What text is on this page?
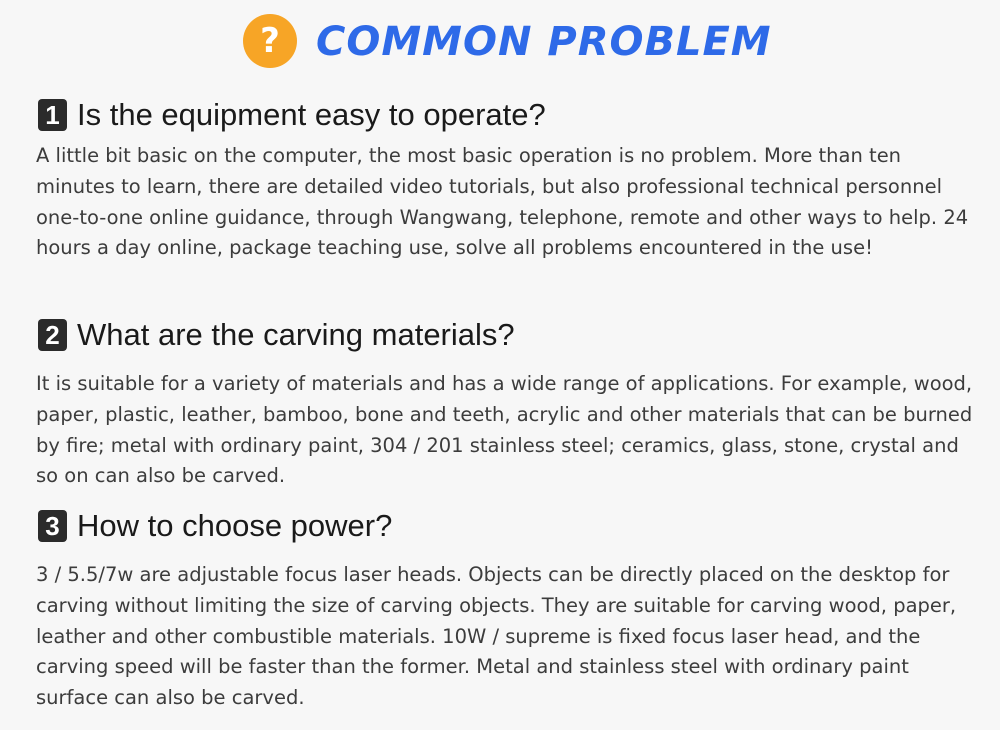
? COMMON PROBLEM
1 Is the equipment easy to operate?

A little bit basic on the computer, the most basic operation is no problem. More than ten minutes to learn, there are detailed video tutorials, but also professional technical personnel one-to-one online guidance, through Wangwang, telephone, remote and other ways to help. 24 hours a day online, package teaching use, solve all problems encountered in the use!

2 What are the carving materials?

It is suitable for a variety of materials and has a wide range of applications. For example, wood, paper, plastic, leather, bamboo, bone and teeth, acrylic and other materials that can be burned by fire; metal with ordinary paint, 304 / 201 stainless steel; ceramics, glass, stone, crystal and so on can also be carved.

3 How to choose power?

3 / 5.5/7w are adjustable focus laser heads. Objects can be directly placed on the desktop for carving without limiting the size of carving objects. They are suitable for carving wood, paper, leather and other combustible materials. 10W / supreme is fixed focus laser head, and the carving speed will be faster than the former. Metal and stainless steel with ordinary paint surface can also be carved.
